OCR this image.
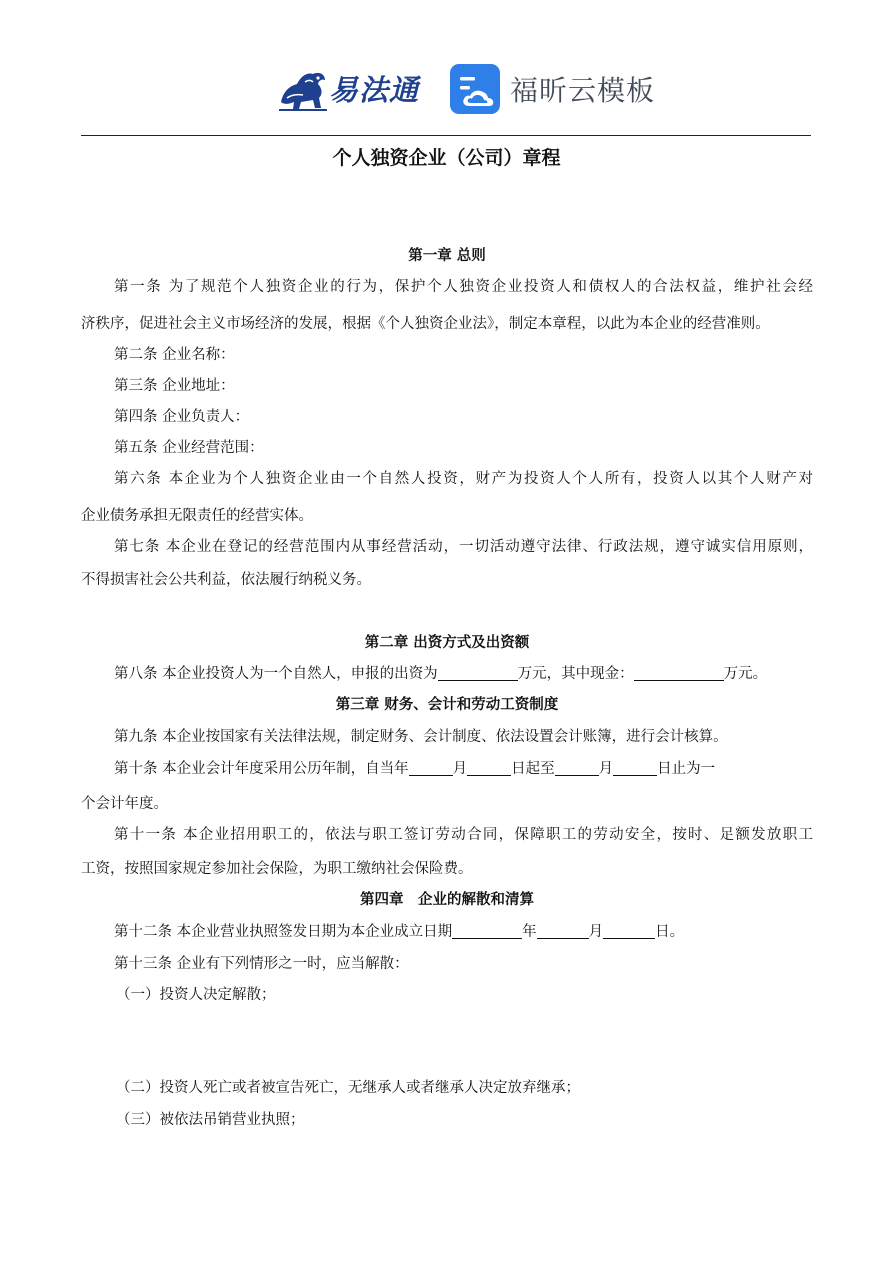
易法通	福昕云模板
个人独资企业（公司）章程
第一章 总则
第一条 为了规范个人独资企业的行为，保护个人独资企业投资人和债权人的合法权益，维护社会经
济秩序，促进社会主义市场经济的发展，根据《个人独资企业法》，制定本章程，以此为本企业的经营准则。
第二条 企业名称：
第三条 企业地址：
第四条 企业负责人：
第五条 企业经营范围：
第六条 本企业为个人独资企业由一个自然人投资，财产为投资人个人所有，投资人以其个人财产对
企业债务承担无限责任的经营实体。
第七条 本企业在登记的经营范围内从事经营活动，一切活动遵守法律、行政法规，遵守诚实信用原则，
不得损害社会公共利益，依法履行纳税义务。
第二章 出资方式及出资额
第八条 本企业投资人为一个自然人，申报的出资为	万元，其中现金：	万元。
第三章 财务、会计和劳动工资制度
第九条 本企业按国家有关法律法规，制定财务、会计制度、依法设置会计账簿，进行会计核算。
第十条 本企业会计年度采用公历年制，自当年	月	日起至	月	日止为一
个会计年度。
第十一条 本企业招用职工的，依法与职工签订劳动合同，保障职工的劳动安全，按时、足额发放职工
工资，按照国家规定参加社会保险，为职工缴纳社会保险费。
第四章　企业的解散和清算
第十二条 本企业营业执照签发日期为本企业成立日期	年	月	日。
第十三条 企业有下列情形之一时，应当解散：
（一）投资人决定解散；
（二）投资人死亡或者被宣告死亡，无继承人或者继承人决定放弃继承；
（三）被依法吊销营业执照；
